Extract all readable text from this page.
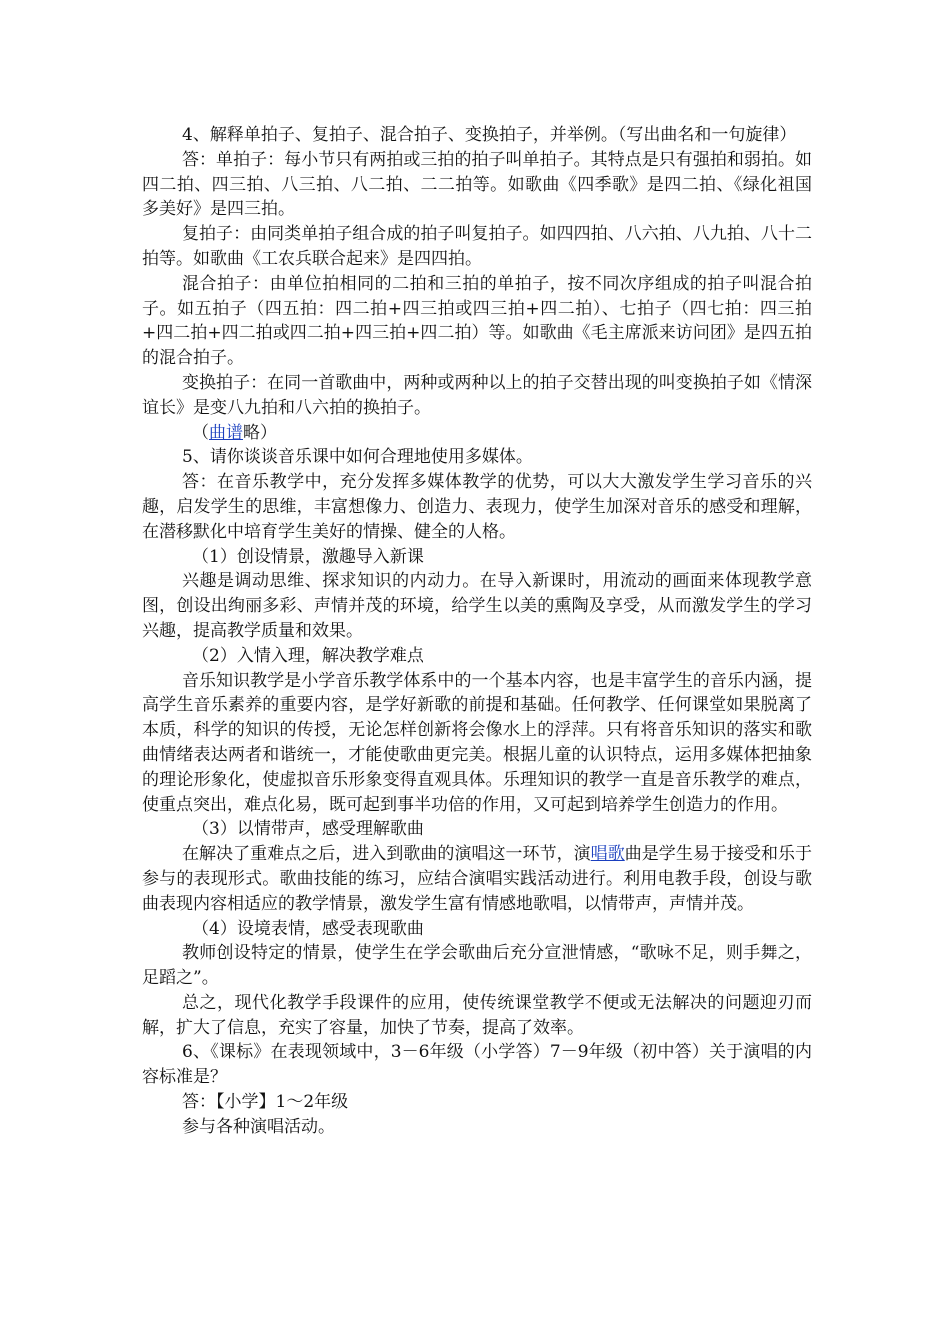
4、解释单拍子、复拍子、混合拍子、变换拍子，并举例。（写出曲名和一句旋律）

答：单拍子：每小节只有两拍或三拍的拍子叫单拍子。其特点是只有强拍和弱拍。如四二拍、四三拍、八三拍、八二拍、二二拍等。如歌曲《四季歌》是四二拍、《绿化祖国多美好》是四三拍。

复拍子：由同类单拍子组合成的拍子叫复拍子。如四四拍、八六拍、八九拍、八十二拍等。如歌曲《工农兵联合起来》是四四拍。

混合拍子：由单位拍相同的二拍和三拍的单拍子，按不同次序组成的拍子叫混合拍子。如五拍子（四五拍：四二拍+四三拍或四三拍+四二拍）、七拍子（四七拍：四三拍+四二拍+四二拍或四二拍+四三拍+四二拍）等。如歌曲《毛主席派来访问团》是四五拍的混合拍子。

变换拍子：在同一首歌曲中，两种或两种以上的拍子交替出现的叫变换拍子如《情深谊长》是变八九拍和八六拍的换拍子。

（曲谱略）

5、请你谈谈音乐课中如何合理地使用多媒体。

答：在音乐教学中，充分发挥多媒体教学的优势，可以大大激发学生学习音乐的兴趣，启发学生的思维，丰富想像力、创造力、表现力，使学生加深对音乐的感受和理解，在潜移默化中培育学生美好的情操、健全的人格。

（1）创设情景，激趣导入新课

兴趣是调动思维、探求知识的内动力。在导入新课时，用流动的画面来体现教学意图，创设出绚丽多彩、声情并茂的环境，给学生以美的熏陶及享受，从而激发学生的学习兴趣，提高教学质量和效果。

（2）入情入理，解决教学难点

音乐知识教学是小学音乐教学体系中的一个基本内容，也是丰富学生的音乐内涵，提高学生音乐素养的重要内容，是学好新歌的前提和基础。任何教学、任何课堂如果脱离了本质，科学的知识的传授，无论怎样创新将会像水上的浮萍。只有将音乐知识的落实和歌曲情绪表达两者和谐统一，才能使歌曲更完美。根据儿童的认识特点，运用多媒体把抽象的理论形象化，使虚拟音乐形象变得直观具体。乐理知识的教学一直是音乐教学的难点，使重点突出，难点化易，既可起到事半功倍的作用，又可起到培养学生创造力的作用。

（3）以情带声，感受理解歌曲

在解决了重难点之后，进入到歌曲的演唱这一环节，演唱歌曲是学生易于接受和乐于参与的表现形式。歌曲技能的练习，应结合演唱实践活动进行。利用电教手段，创设与歌曲表现内容相适应的教学情景，激发学生富有情感地歌唱，以情带声，声情并茂。

（4）设境表情，感受表现歌曲

教师创设特定的情景，使学生在学会歌曲后充分宣泄情感，“歌咏不足，则手舞之，足蹈之”。

总之，现代化教学手段课件的应用，使传统课堂教学不便或无法解决的问题迎刃而解，扩大了信息，充实了容量，加快了节奏，提高了效率。

6、《课标》在表现领域中，3－6年级（小学答）7－9年级（初中答）关于演唱的内容标准是？

答：【小学】1～2年级

参与各种演唱活动。
